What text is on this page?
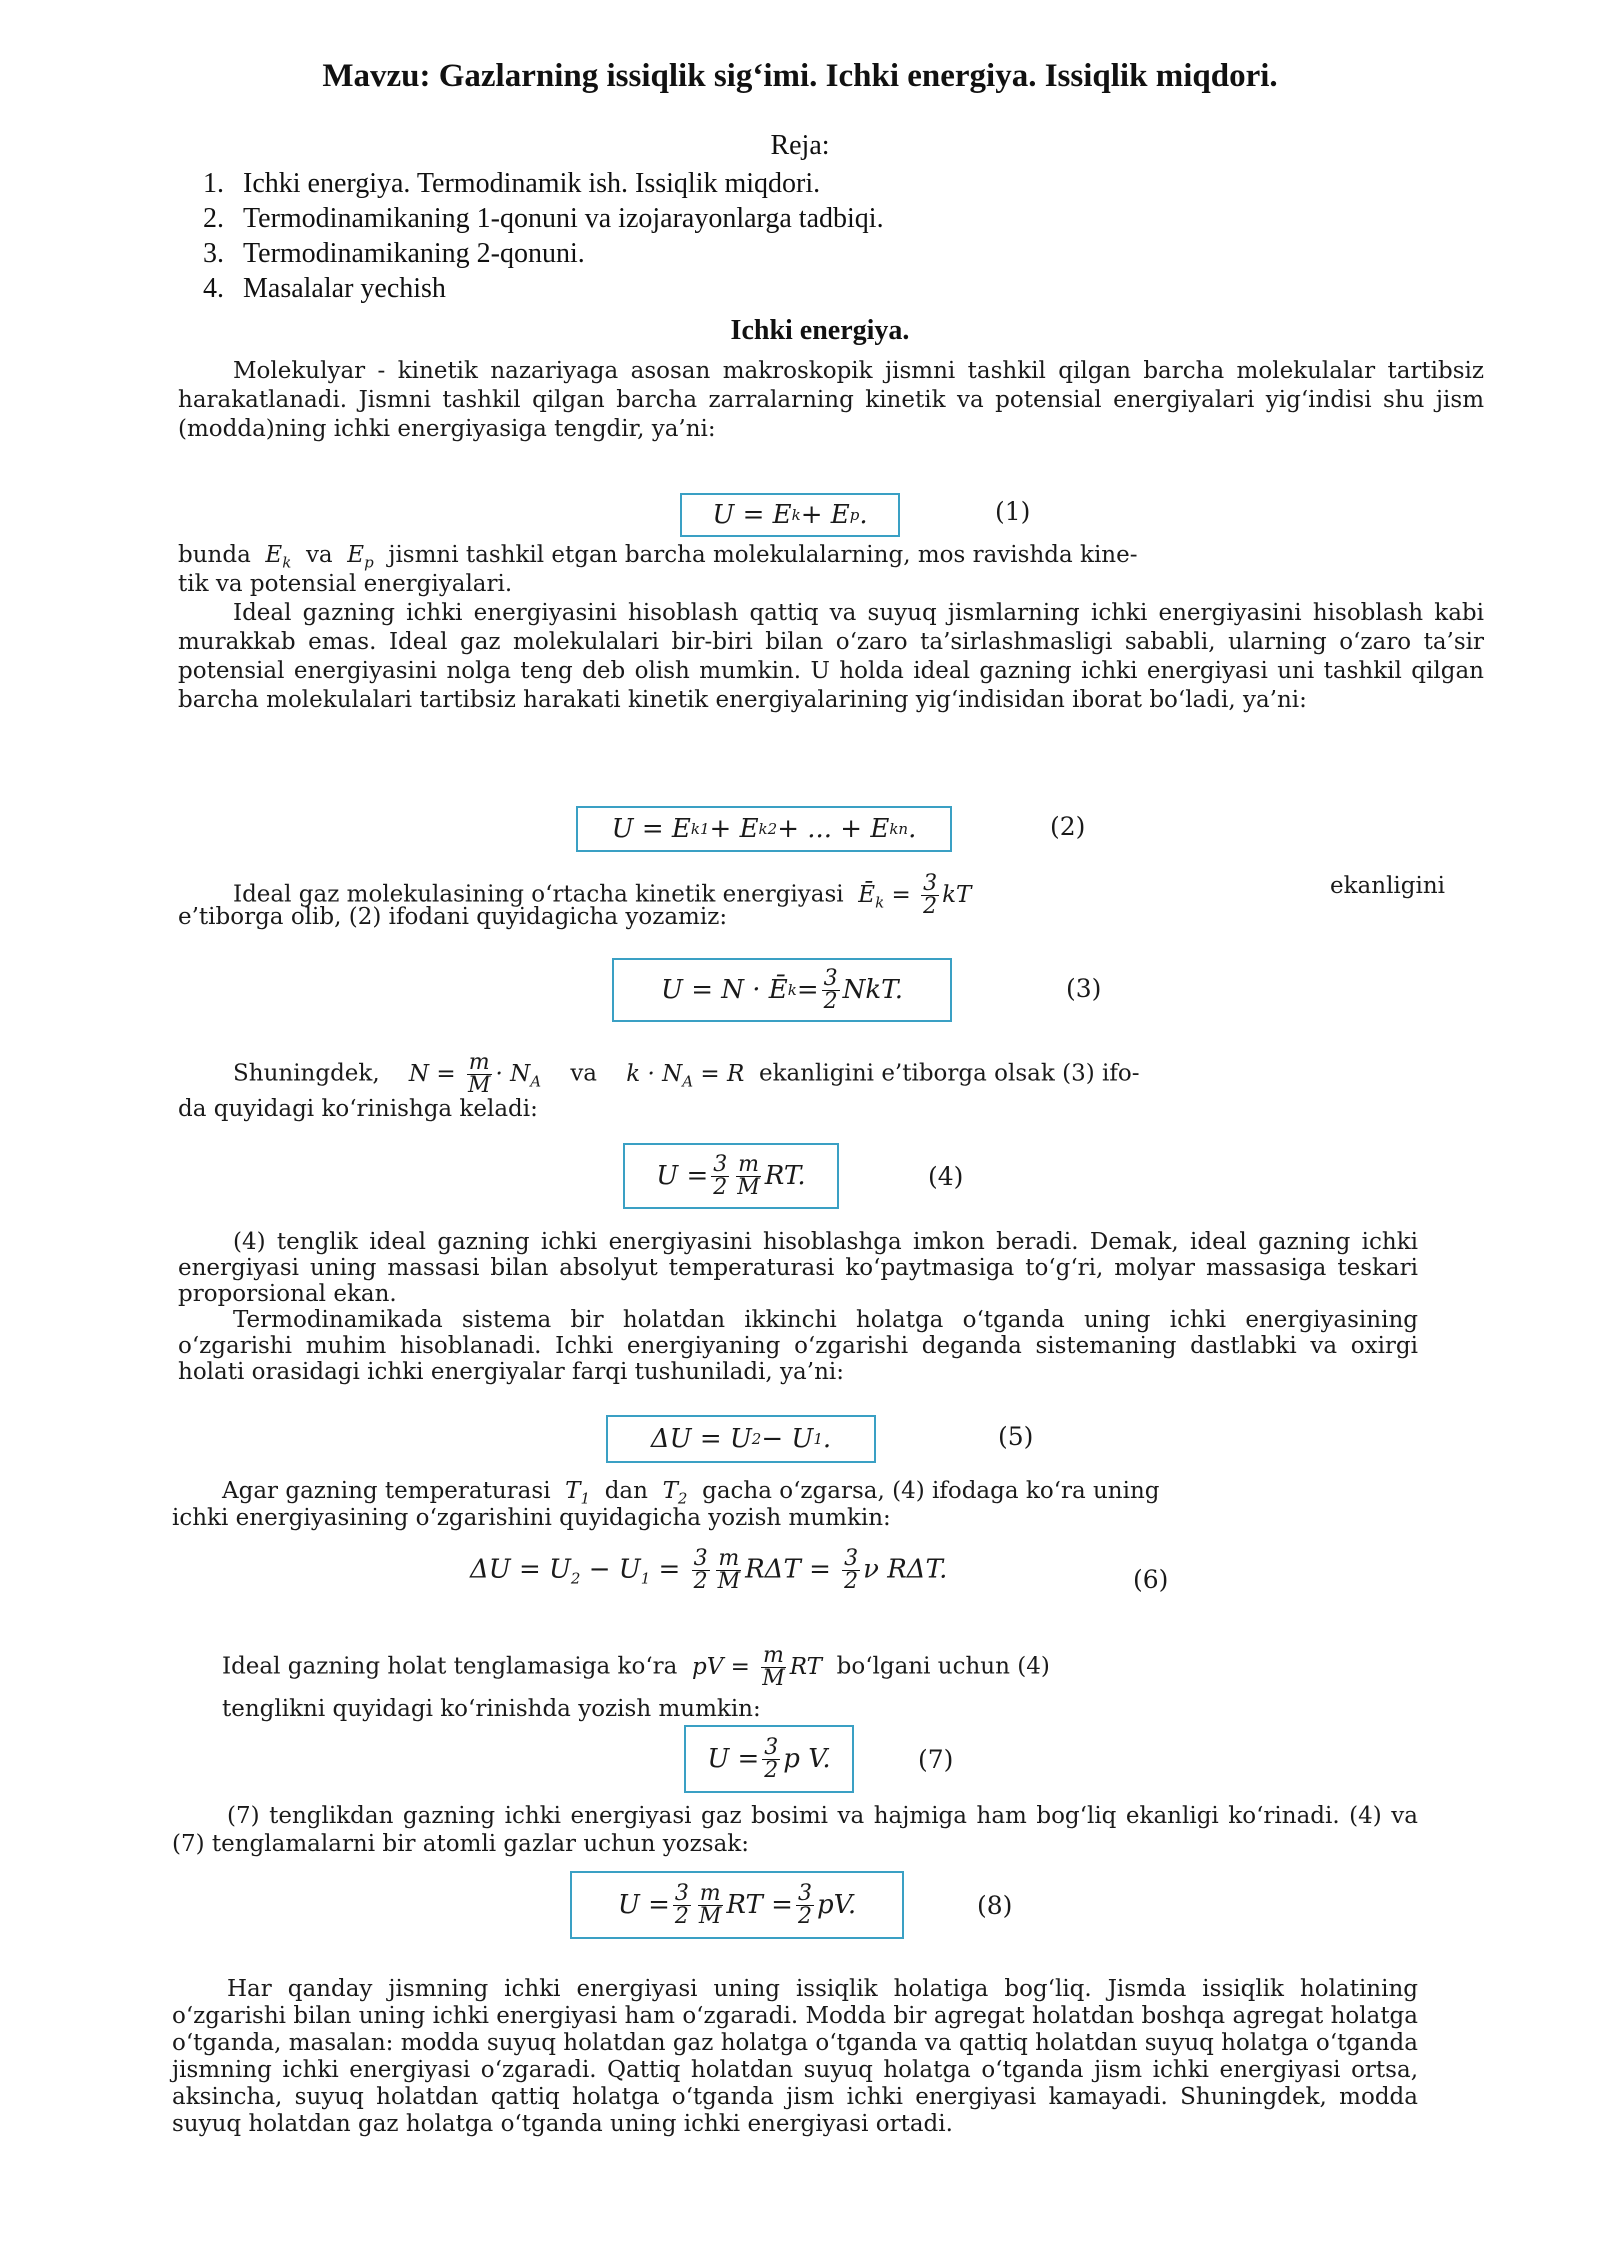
Mavzu: Gazlarning issiqlik sig‘imi. Ichki energiya. Issiqlik miqdori.
Reja:
1. Ichki energiya. Termodinamik ish. Issiqlik miqdori.
2. Termodinamikaning 1-qonuni va izojarayonlarga tadbiqi.
3. Termodinamikaning 2-qonuni.
4. Masalalar yechish
Ichki energiya.

Molekulyar - kinetik nazariyaga asosan makroskopik jismni tashkil qilgan barcha molekulalar tartibsiz harakatlanadi. Jismni tashkil qilgan barcha zarralarning kinetik va potensial energiyalari yig‘indisi shu jism (modda)ning ichki energiyasiga tengdir, ya’ni:

U = E k + E p .	(1)
bunda  $E_k$ va  $E_p$ jismni tashkil etgan barcha molekulalarning, mos ravishda kine-
tik va potensial energiyalari.

Ideal gazning ichki energiyasini hisoblash qattiq va suyuq jismlarning ichki energiyasini hisoblash kabi murakkab emas. Ideal gaz molekulalari bir-biri bilan o‘zaro ta’sirlashmasligi sababli, ularning o‘zaro ta’sir potensial energiyasini nolga teng deb olish mumkin. U holda ideal gazning ichki energiyasi uni tashkil qilgan barcha molekulalari tartibsiz harakati kinetik energiyalarining yig‘indisidan iborat bo‘ladi, ya’ni:

U = E k1 + E k2 + ... + E kn .	(2)
Ideal gaz molekulasining o‘rtacha kinetik energiyasi  $Ē_k = \frac{3}{2}$ kT	ekanligini
e’tiborga olib, (2) ifodani quyidagicha yozamiz:
U = N · Ē $k = \frac{3}{2}$ NkT.	(3)
Shuningdek,    $N = \frac{m}{M} \cdot N_A$ va    $k \cdot N_A = R$  ekanligini e’tiborga olsak (3) ifo-
da quyidagi ko‘rinishga keladi:
$U = \frac{3}{2} \frac{m}{M}$ RT.	(4)

(4) tenglik ideal gazning ichki energiyasini hisoblashga imkon beradi. Demak, ideal gazning ichki energiyasi uning massasi bilan absolyut temperaturasi ko‘paytmasiga to‘g‘ri, molyar massasiga teskari proporsional ekan.

Termodinamikada sistema bir holatdan ikkinchi holatga o‘tganda uning ichki energiyasining o‘zgarishi muhim hisoblanadi. Ichki energiyaning o‘zgarishi deganda sistemaning dastlabki va oxirgi holati orasidagi ichki energiyalar farqi tushuniladi, ya’ni:

ΔU = U 2 − U 1 .	(5)
Agar gazning temperaturasi  $T_1$ dan  $T_2$ gacha o‘zgarsa, (4) ifodaga ko‘ra uning
ichki energiyasining o‘zgarishini quyidagicha yozish mumkin:
$\Delta U = U_2 - U_1 = \frac{3}{2} \frac{m}{M}$ $R\Delta T = \frac{3}{2}$ ν RΔT.	(6)
Ideal gazning holat tenglamasiga ko‘ra  pV = $\frac{m}{M}$ RT  bo‘lgani uchun (4)
tenglikni quyidagi ko‘rinishda yozish mumkin:
$U = \frac{3}{2}$ p V.	(7)

(7) tenglikdan gazning ichki energiyasi gaz bosimi va hajmiga ham bog‘liq ekanligi ko‘rinadi. (4) va (7) tenglamalarni bir atomli gazlar uchun yozsak:

$U = \frac{3}{2} \frac{m}{M}$ RT = $\frac{3}{2}$ pV.	(8)

Har qanday jismning ichki energiyasi uning issiqlik holatiga bog‘liq. Jismda issiqlik holatining o‘zgarishi bilan uning ichki energiyasi ham o‘zgaradi. Modda bir agregat holatdan boshqa agregat holatga o‘tganda, masalan: modda suyuq holatdan gaz holatga o‘tganda va qattiq holatdan suyuq holatga o‘tganda jismning ichki energiyasi o‘zgaradi. Qattiq holatdan suyuq holatga o‘tganda jism ichki energiyasi ortsa, aksincha, suyuq holatdan qattiq holatga o‘tganda jism ichki energiyasi kamayadi. Shuningdek, modda suyuq holatdan gaz holatga o‘tganda uning ichki energiyasi ortadi.
